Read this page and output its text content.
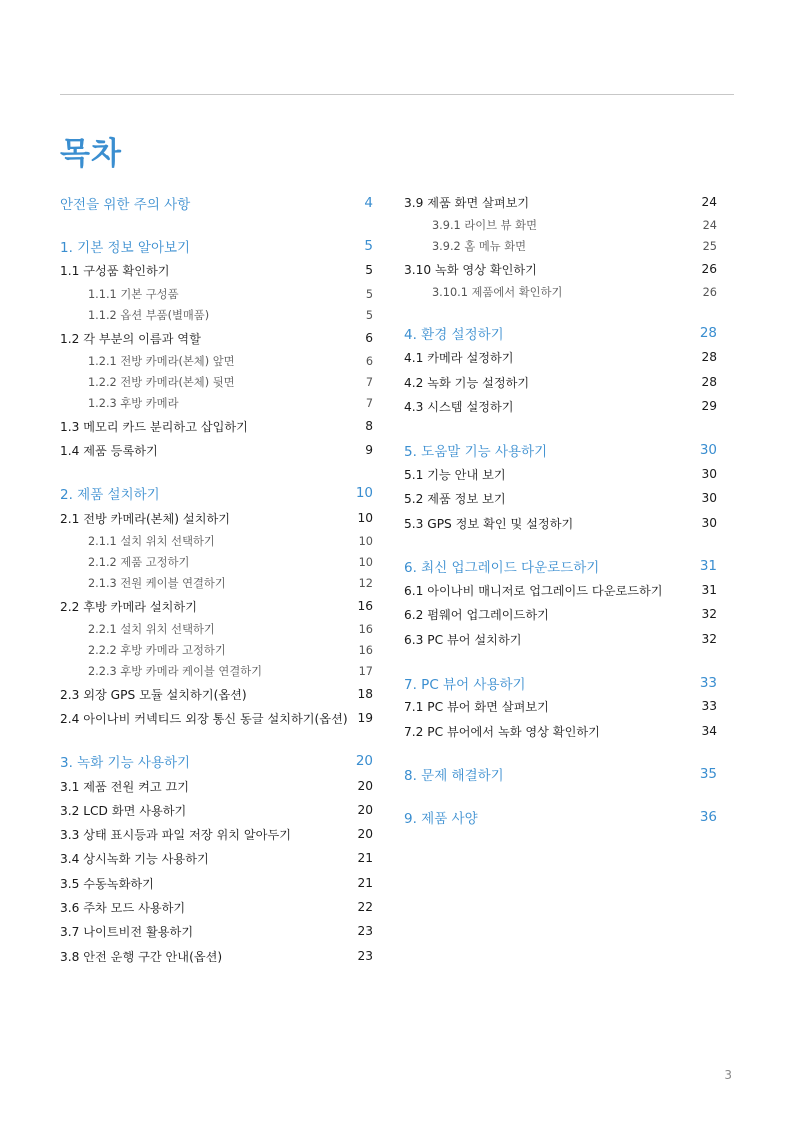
목차
안전을 위한 주의 사항	4
1. 기본 정보 알아보기	5
1.1 구성품 확인하기	5
1.1.1 기본 구성품	5
1.1.2 옵션 부품(별매품)	5
1.2 각 부분의 이름과 역할	6
1.2.1 전방 카메라(본체) 앞면	6
1.2.2 전방 카메라(본체) 뒷면	7
1.2.3 후방 카메라	7
1.3 메모리 카드 분리하고 삽입하기	8
1.4 제품 등록하기	9
2. 제품 설치하기	10
2.1 전방 카메라(본체) 설치하기	10
2.1.1 설치 위치 선택하기	10
2.1.2 제품 고정하기	10
2.1.3 전원 케이블 연결하기	12
2.2 후방 카메라 설치하기	16
2.2.1 설치 위치 선택하기	16
2.2.2 후방 카메라 고정하기	16
2.2.3 후방 카메라 케이블 연결하기	17
2.3 외장 GPS 모듈 설치하기(옵션)	18
2.4 아이나비 커넥티드 외장 통신 동글 설치하기(옵션) 19
3. 녹화 기능 사용하기	20
3.1 제품 전원 켜고 끄기	20
3.2 LCD 화면 사용하기	20
3.3 상태 표시등과 파일 저장 위치 알아두기	20
3.4 상시녹화 기능 사용하기	21
3.5 수동녹화하기	21
3.6 주차 모드 사용하기	22
3.7 나이트비전 활용하기	23
3.8 안전 운행 구간 안내(옵션)	23
3.9 제품 화면 살펴보기	24
3.9.1 라이브 뷰 화면	24
3.9.2 홈 메뉴 화면	25
3.10 녹화 영상 확인하기	26
3.10.1 제품에서 확인하기	26
4. 환경 설정하기	28
4.1 카메라 설정하기	28
4.2 녹화 기능 설정하기	28
4.3 시스템 설정하기	29
5. 도움말 기능 사용하기	30
5.1 기능 안내 보기	30
5.2 제품 정보 보기	30
5.3 GPS 정보 확인 및 설정하기	30
6. 최신 업그레이드 다운로드하기	31
6.1 아이나비 매니저로 업그레이드 다운로드하기	31
6.2 펌웨어 업그레이드하기	32
6.3 PC 뷰어 설치하기	32
7. PC 뷰어 사용하기	33
7.1 PC 뷰어 화면 살펴보기	33
7.2 PC 뷰어에서 녹화 영상 확인하기	34
8. 문제 해결하기	35
9. 제품 사양	36
3
